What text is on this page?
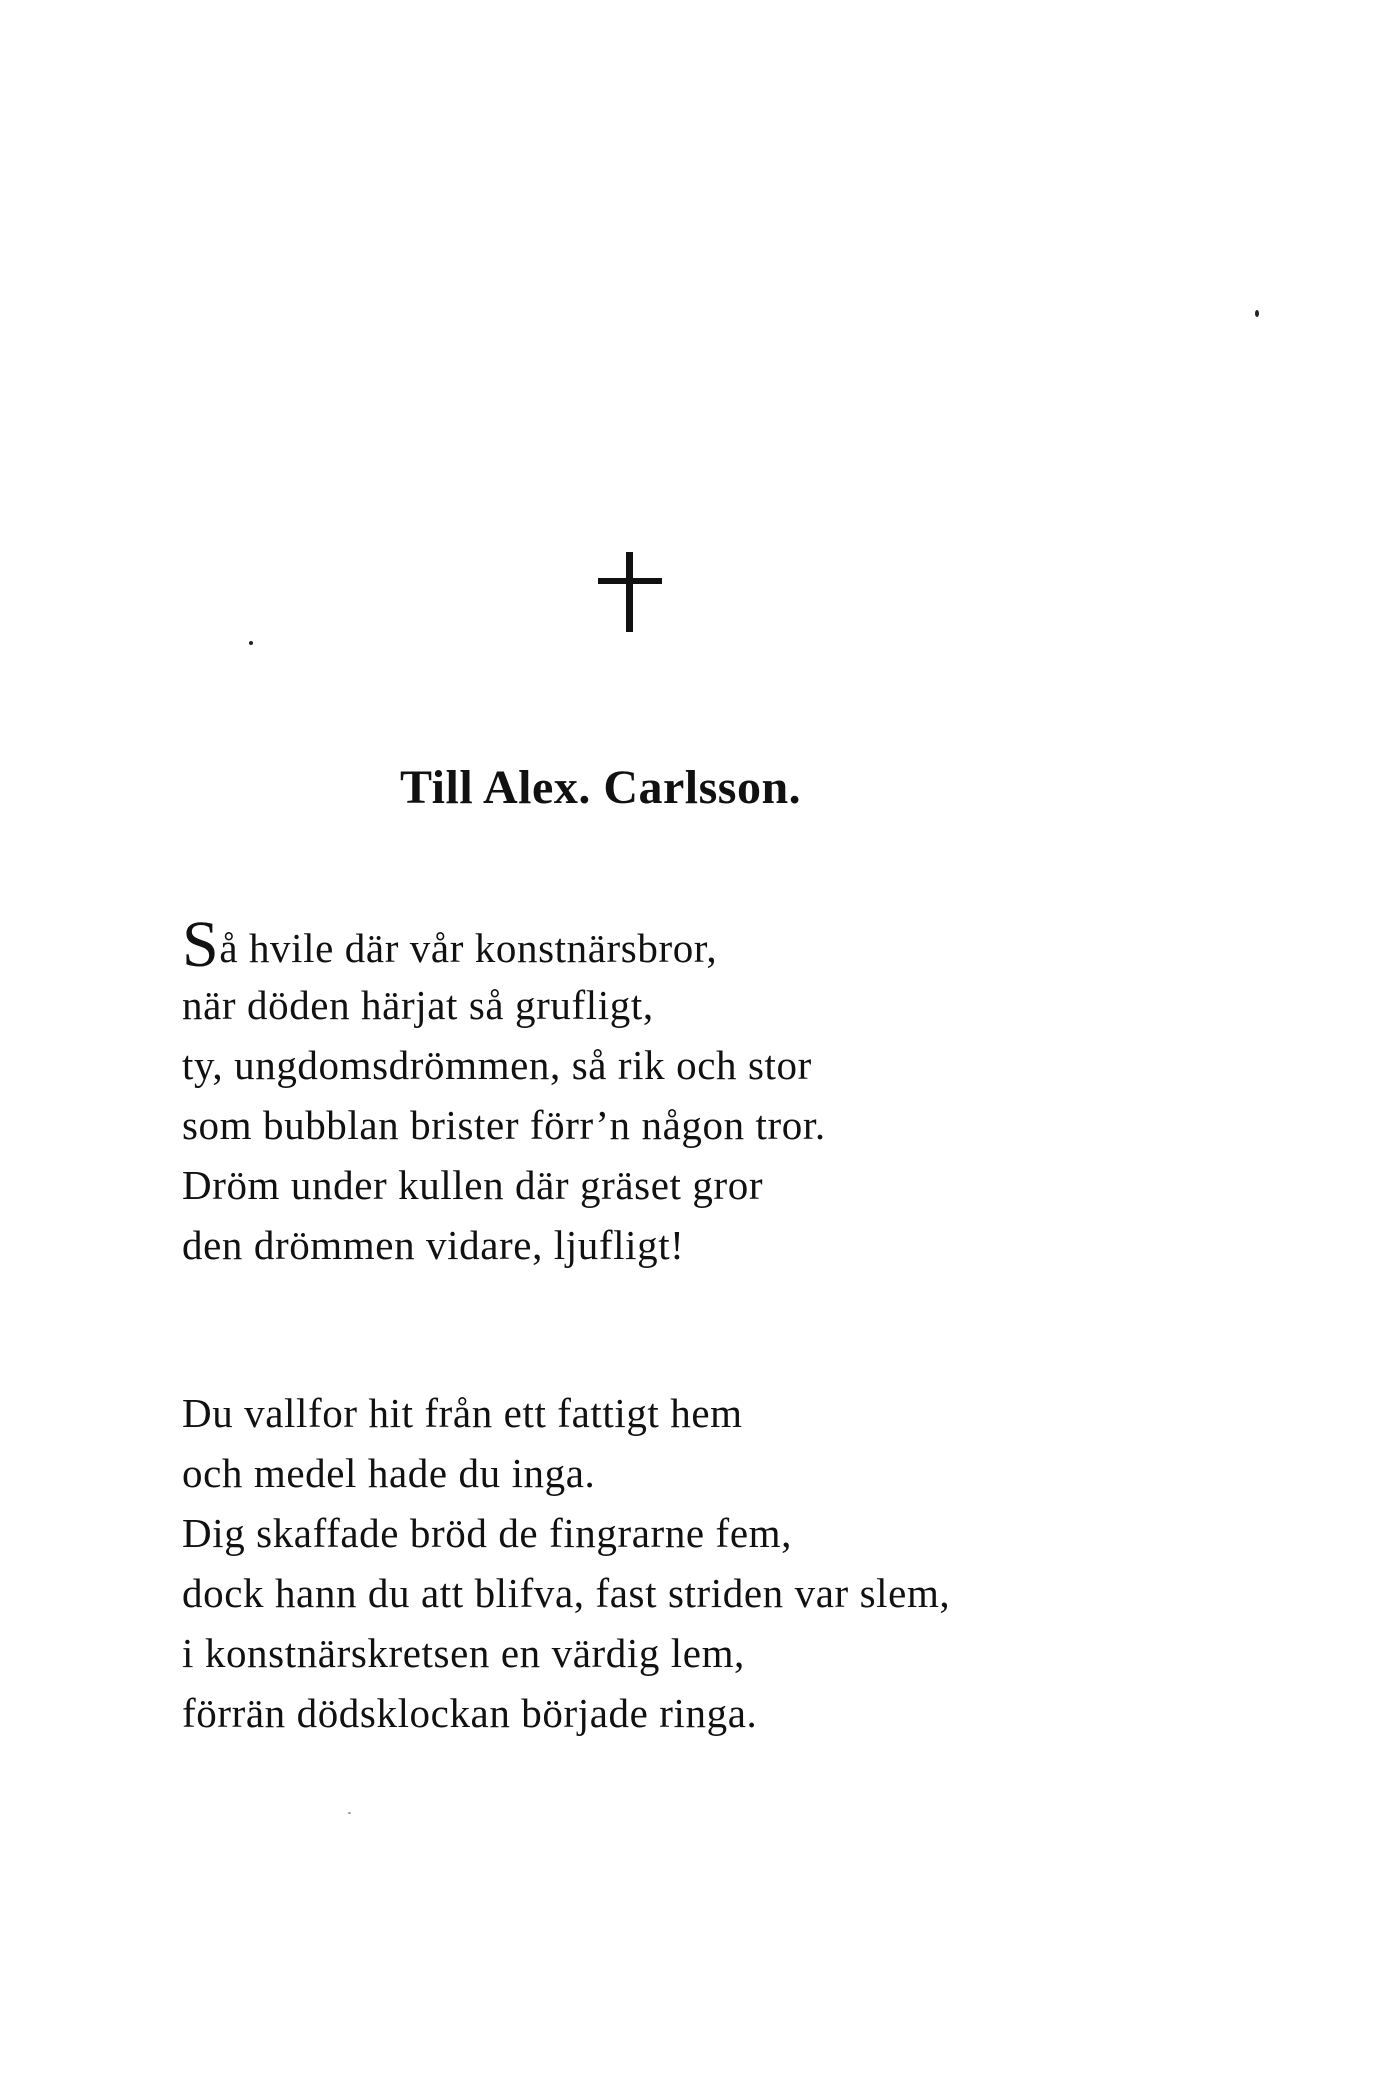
Till Alex. Carlsson.
Så hvile där vår konstnärsbror,
när döden härjat så grufligt,
ty, ungdomsdrömmen, så rik och stor
som bubblan brister förr’n någon tror.
Dröm under kullen där gräset gror
den drömmen vidare, ljufligt!
Du vallfor hit från ett fattigt hem
och medel hade du inga.
Dig skaffade bröd de fingrarne fem,
dock hann du att blifva, fast striden var slem,
i konstnärskretsen en värdig lem,
förrän dödsklockan började ringa.
